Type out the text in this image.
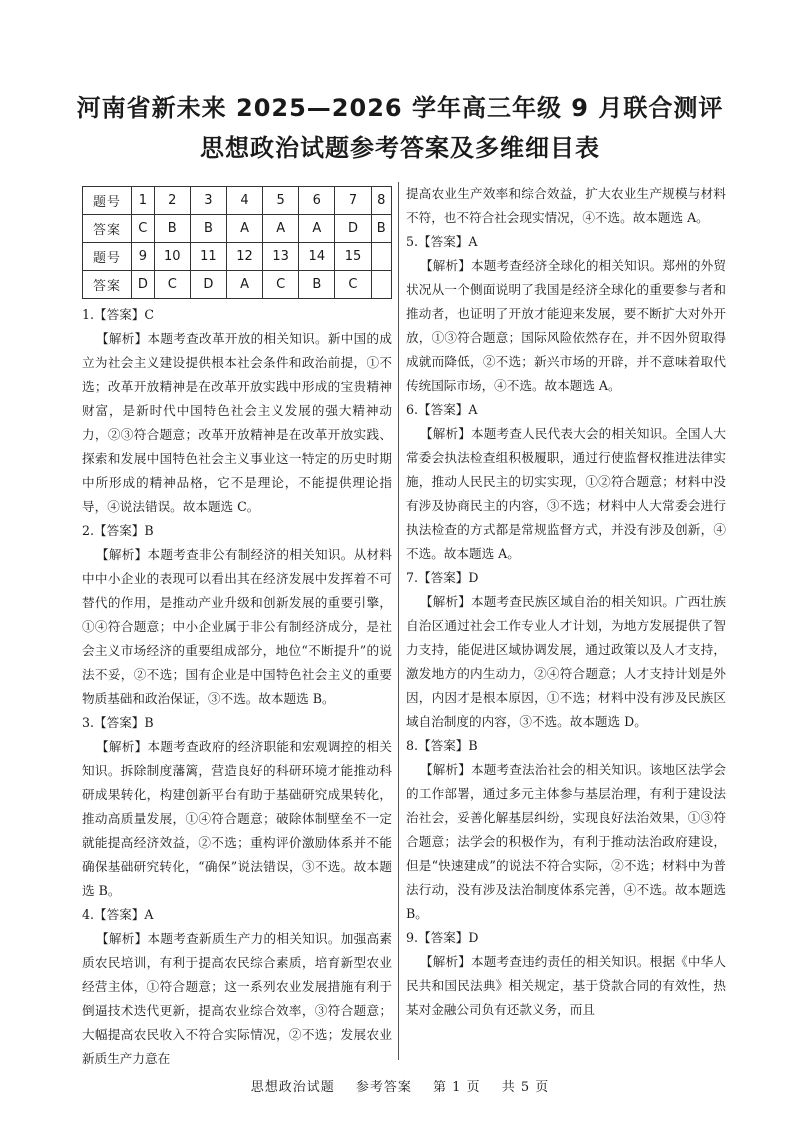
河南省新未来 2025—2026 学年高三年级 9 月联合测评
思想政治试题参考答案及多维细目表
题号	1	2	3	4	5	6	7	8
答案	C	B	B	A	A	A	D	B
题号	9	10	11	12	13	14	15	
答案	D	C	D	A	C	B	C	

1.【答案】C

【解析】本题考查改革开放的相关知识。新中国的成立为社会主义建设提供根本社会条件和政治前提，①不选；改革开放精神是在改革开放实践中形成的宝贵精神财富，是新时代中国特色社会主义发展的强大精神动力，②③符合题意；改革开放精神是在改革开放实践、探索和发展中国特色社会主义事业这一特定的历史时期中所形成的精神品格，它不是理论，不能提供理论指导，④说法错误。故本题选 C。

2.【答案】B

【解析】本题考查非公有制经济的相关知识。从材料中中小企业的表现可以看出其在经济发展中发挥着不可替代的作用，是推动产业升级和创新发展的重要引擎，①④符合题意；中小企业属于非公有制经济成分，是社会主义市场经济的重要组成部分，地位“不断提升”的说法不妥，②不选；国有企业是中国特色社会主义的重要物质基础和政治保证，③不选。故本题选 B。

3.【答案】B

【解析】本题考查政府的经济职能和宏观调控的相关知识。拆除制度藩篱，营造良好的科研环境才能推动科研成果转化，构建创新平台有助于基础研究成果转化，推动高质量发展，①④符合题意；破除体制壁垒不一定就能提高经济效益，②不选；重构评价激励体系并不能确保基础研究转化，“确保”说法错误，③不选。故本题选 B。

4.【答案】A

【解析】本题考查新质生产力的相关知识。加强高素质农民培训，有利于提高农民综合素质，培育新型农业经营主体，①符合题意；这一系列农业发展措施有利于倒逼技术迭代更新，提高农业综合效率，③符合题意；大幅提高农民收入不符合实际情况，②不选；发展农业新质生产力意在

提高农业生产效率和综合效益，扩大农业生产规模与材料不符，也不符合社会现实情况，④不选。故本题选 A。

5.【答案】A

【解析】本题考查经济全球化的相关知识。郑州的外贸状况从一个侧面说明了我国是经济全球化的重要参与者和推动者，也证明了开放才能迎来发展，要不断扩大对外开放，①③符合题意；国际风险依然存在，并不因外贸取得成就而降低，②不选；新兴市场的开辟，并不意味着取代传统国际市场，④不选。故本题选 A。

6.【答案】A

【解析】本题考查人民代表大会的相关知识。全国人大常委会执法检查组积极履职，通过行使监督权推进法律实施，推动人民民主的切实实现，①②符合题意；材料中没有涉及协商民主的内容，③不选；材料中人大常委会进行执法检查的方式都是常规监督方式，并没有涉及创新，④不选。故本题选 A。

7.【答案】D

【解析】本题考查民族区域自治的相关知识。广西壮族自治区通过社会工作专业人才计划，为地方发展提供了智力支持，能促进区域协调发展，通过政策以及人才支持，激发地方的内生动力，②④符合题意；人才支持计划是外因，内因才是根本原因，①不选；材料中没有涉及民族区域自治制度的内容，③不选。故本题选 D。

8.【答案】B

【解析】本题考查法治社会的相关知识。该地区法学会的工作部署，通过多元主体参与基层治理，有利于建设法治社会，妥善化解基层纠纷，实现良好法治效果，①③符合题意；法学会的积极作为，有利于推动法治政府建设，但是“快速建成”的说法不符合实际，②不选；材料中为普法行动，没有涉及法治制度体系完善，④不选。故本题选 B。

9.【答案】D

【解析】本题考查违约责任的相关知识。根据《中华人民共和国民法典》相关规定，基于贷款合同的有效性，热某对金融公司负有还款义务，而且

思想政治试题 参考答案 第 1 页 共 5 页
